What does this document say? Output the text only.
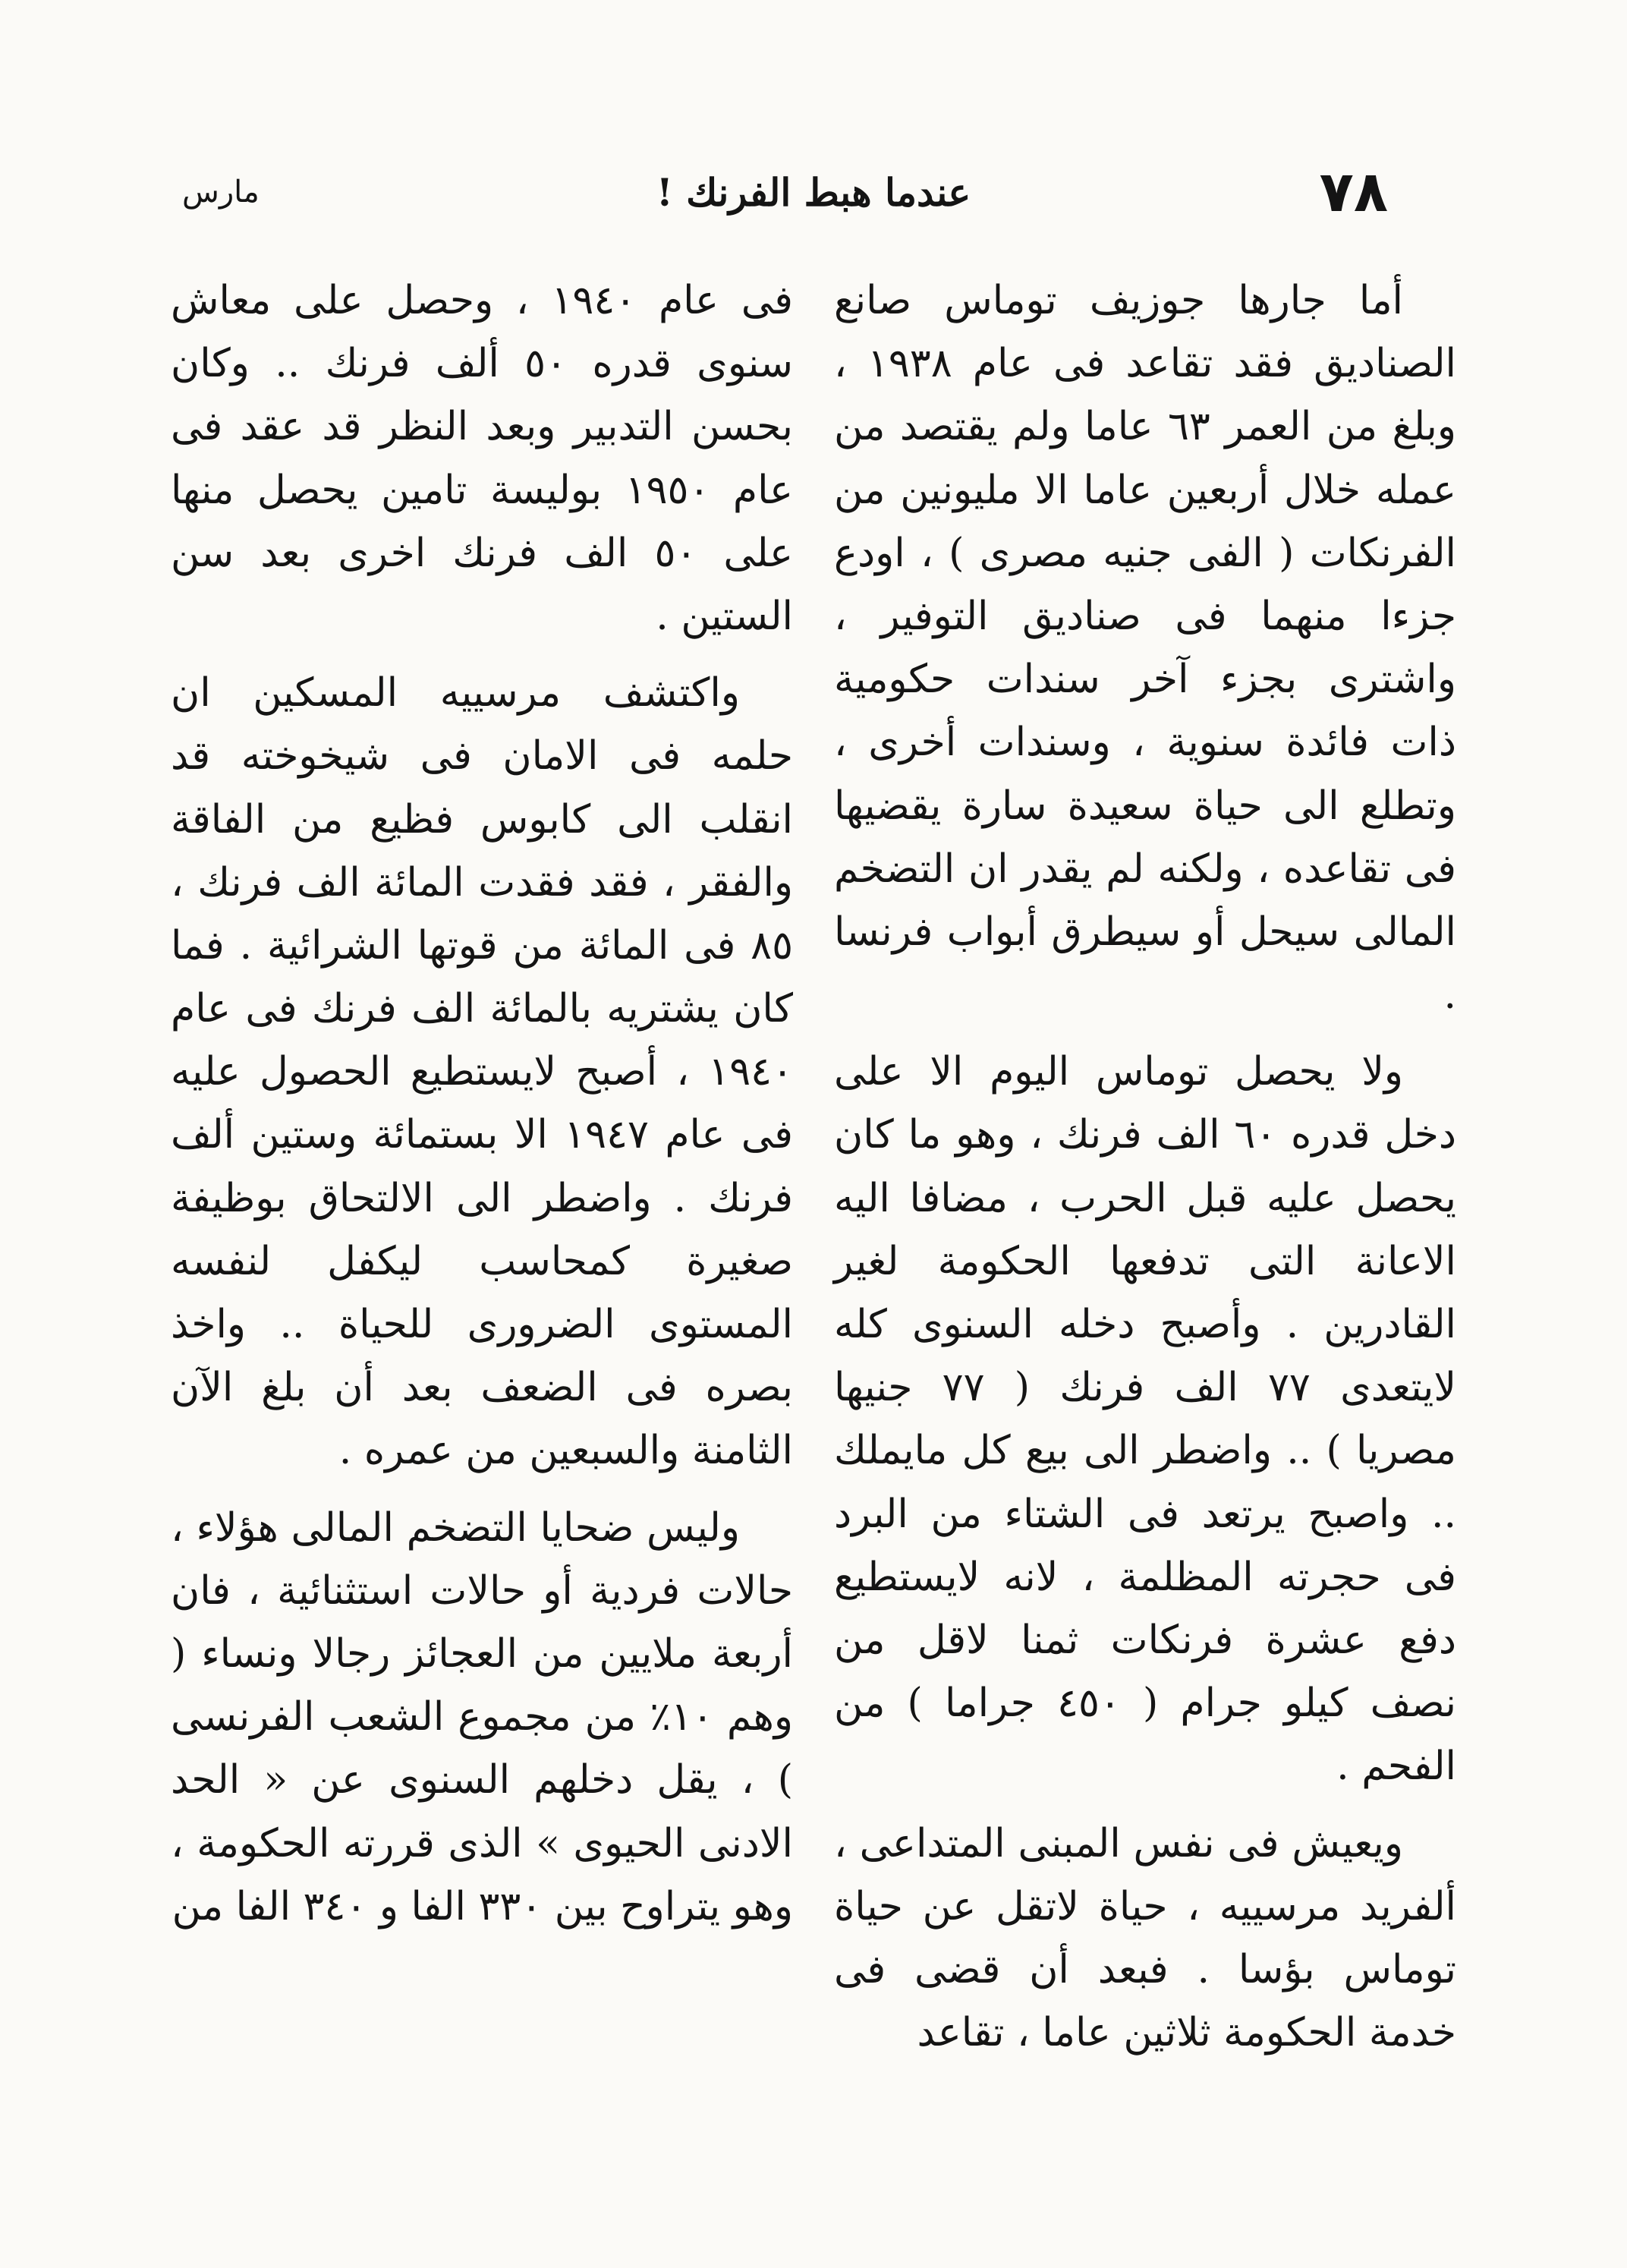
٧٨
عندما هبط الفرنك !
مارس

أما جارها جوزيف توماس صانع الصناديق فقد تقاعد فى عام ١٩٣٨ ، وبلغ من العمر ٦٣ عاما ولم يقتصد من عمله خلال أربعين عاما الا مليونين من الفرنكات ( الفى جنيه مصرى ) ، اودع جزءا منهما فى صناديق التوفير ، واشترى بجزء آخر سندات حكومية ذات فائدة سنوية ، وسندات أخرى ، وتطلع الى حياة سعيدة سارة يقضيها فى تقاعده ، ولكنه لم يقدر ان التضخم المالى سيحل أو سيطرق أبواب فرنسا .

ولا يحصل توماس اليوم الا على دخل قدره ٦٠ الف فرنك ، وهو ما كان يحصل عليه قبل الحرب ، مضافا اليه الاعانة التى تدفعها الحكومة لغير القادرين . وأصبح دخله السنوى كله لايتعدى ٧٧ الف فرنك ( ٧٧ جنيها مصريا ) .. واضطر الى بيع كل مايملك .. واصبح يرتعد فى الشتاء من البرد فى حجرته المظلمة ، لانه لايستطيع دفع عشرة فرنكات ثمنا لاقل من نصف كيلو جرام ( ٤٥٠ جراما ) من الفحم .

ويعيش فى نفس المبنى المتداعى ، ألفريد مرسييه ، حياة لاتقل عن حياة توماس بؤسا . فبعد أن قضى فى خدمة الحكومة ثلاثين عاما ، تقاعد

فى عام ١٩٤٠ ، وحصل على معاش سنوى قدره ٥٠ ألف فرنك .. وكان بحسن التدبير وبعد النظر قد عقد فى عام ١٩٥٠ بوليسة تامين يحصل منها على ٥٠ الف فرنك اخرى بعد سن الستين .

واكتشف مرسييه المسكين ان حلمه فى الامان فى شيخوخته قد انقلب الى كابوس فظيع من الفاقة والفقر ، فقد فقدت المائة الف فرنك ، ٨٥ فى المائة من قوتها الشرائية . فما كان يشتريه بالمائة الف فرنك فى عام ١٩٤٠ ، أصبح لايستطيع الحصول عليه فى عام ١٩٤٧ الا بستمائة وستين ألف فرنك . واضطر الى الالتحاق بوظيفة صغيرة كمحاسب ليكفل لنفسه المستوى الضرورى للحياة .. واخذ بصره فى الضعف بعد أن بلغ الآن الثامنة والسبعين من عمره .

وليس ضحايا التضخم المالى هؤلاء ، حالات فردية أو حالات استثنائية ، فان أربعة ملايين من العجائز رجالا ونساء ( وهم ١٠٪ من مجموع الشعب الفرنسى ) ، يقل دخلهم السنوى عن « الحد الادنى الحيوى » الذى قررته الحكومة ، وهو يتراوح بين ٣٣٠ الفا و ٣٤٠ الفا من
